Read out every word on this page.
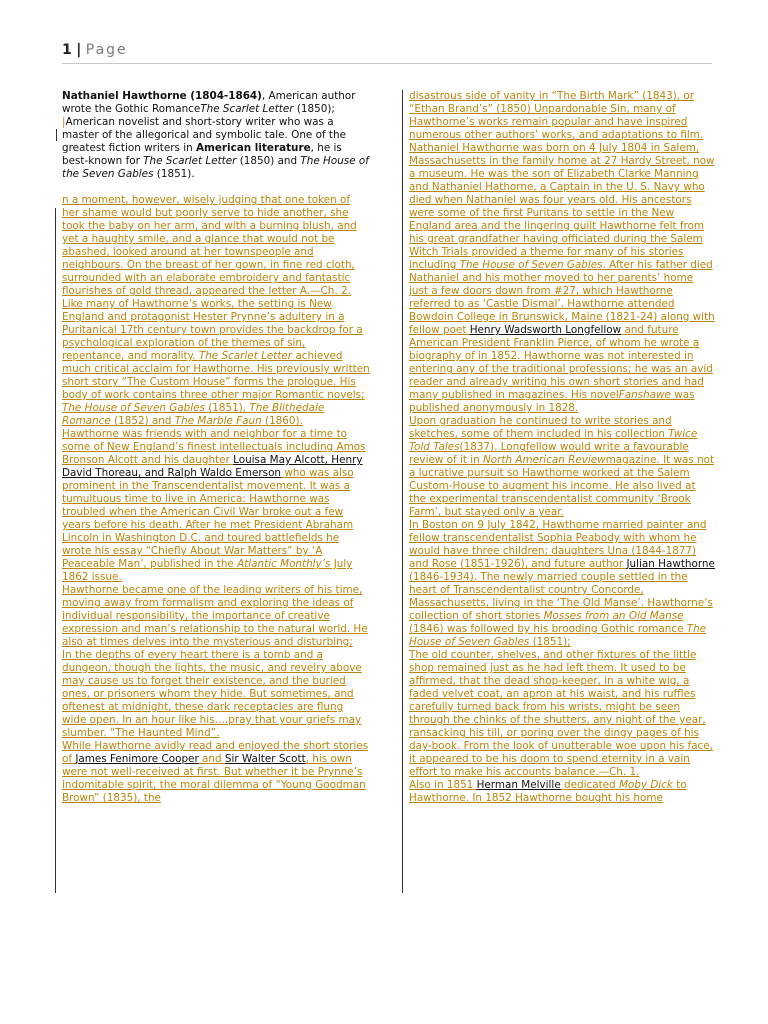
1 | Page

Nathaniel Hawthorne (1804-1864), American author wrote the Gothic RomanceThe Scarlet Letter (1850);

|American novelist and short-story writer who was a master of the allegorical and symbolic tale. One of the greatest fiction writers in American literature, he is best-known for The Scarlet Letter (1850) and The House of the Seven Gables (1851).

n a moment, however, wisely judging that one token of her shame would but poorly serve to hide another, she took the baby on her arm, and with a burning blush, and yet a haughty smile, and a glance that would not be abashed, looked around at her townspeople and neighbours. On the breast of her gown, in fine red cloth, surrounded with an elaborate embroidery and fantastic flourishes of gold thread, appeared the letter A.—Ch. 2.

Like many of Hawthorne’s works, the setting is New England and protagonist Hester Prynne’s adultery in a Puritanical 17th century town provides the backdrop for a psychological exploration of the themes of sin, repentance, and morality. The Scarlet Letter achieved much critical acclaim for Hawthorne. His previously written short story “The Custom House” forms the prologue. His body of work contains three other major Romantic novels; The House of Seven Gables (1851), The Blithedale Romance (1852) and The Marble Faun (1860).

Hawthorne was friends with and neighbor for a time to some of New England’s finest intellectuals including Amos Bronson Alcott and his daughter Louisa May Alcott, Henry David Thoreau, and Ralph Waldo Emerson who was also prominent in the Transcendentalist movement. It was a tumultuous time to live in America: Hawthorne was troubled when the American Civil War broke out a few years before his death. After he met President Abraham Lincoln in Washington D.C. and toured battlefields he wrote his essay “Chiefly About War Matters” by ‘A Peaceable Man’, published in the Atlantic Monthly’s July 1862 issue.

Hawthorne became one of the leading writers of his time, moving away from formalism and exploring the ideas of individual responsibility, the importance of creative expression and man’s relationship to the natural world. He also at times delves into the mysterious and disturbing;

In the depths of every heart there is a tomb and a dungeon, though the lights, the music, and revelry above may cause us to forget their existence, and the buried ones, or prisoners whom they hide. But sometimes, and oftenest at midnight, these dark receptacles are flung wide open. In an hour like his….pray that your griefs may slumber. “The Haunted Mind”.

While Hawthorne avidly read and enjoyed the short stories of James Fenimore Cooper and Sir Walter Scott, his own were not well-received at first. But whether it be Prynne’s indomitable spirit, the moral dilemma of “Young Goodman Brown” (1835), the

disastrous side of vanity in “The Birth Mark” (1843), or “Ethan Brand’s” (1850) Unpardonable Sin, many of Hawthorne’s works remain popular and have inspired numerous other authors’ works, and adaptations to film.

Nathaniel Hawthorne was born on 4 July 1804 in Salem, Massachusetts in the family home at 27 Hardy Street, now a museum. He was the son of Elizabeth Clarke Manning and Nathaniel Hathorne, a Captain in the U. S. Navy who died when Nathaniel was four years old. His ancestors were some of the first Puritans to settle in the New England area and the lingering guilt Hawthorne felt from his great grandfather having officiated during the Salem Witch Trials provided a theme for many of his stories including The House of Seven Gables. After his father died Nathaniel and his mother moved to her parents’ home just a few doors down from #27, which Hawthorne referred to as ‘Castle Dismal’. Hawthorne attended Bowdoin College in Brunswick, Maine (1821-24) along with fellow poet Henry Wadsworth Longfellow and future American President Franklin Pierce, of whom he wrote a biography of in 1852. Hawthorne was not interested in entering any of the traditional professions; he was an avid reader and already writing his own short stories and had many published in magazines. His novelFanshawe was published anonymously in 1828.

Upon graduation he continued to write stories and sketches, some of them included in his collection Twice Told Tales(1837). Longfellow would write a favourable review of it in North American Reviewmagazine. It was not a lucrative pursuit so Hawthorne worked at the Salem Custom-House to augment his income. He also lived at the experimental transcendentalist community ‘Brook Farm’, but stayed only a year.

In Boston on 9 July 1842, Hawthorne married painter and fellow transcendentalist Sophia Peabody with whom he would have three children; daughters Una (1844-1877) and Rose (1851-1926), and future author Julian Hawthorne (1846-1934). The newly married couple settled in the heart of Transcendentalist country Concorde, Massachusetts, living in the ‘The Old Manse’. Hawthorne’s collection of short stories Mosses from an Old Manse (1846) was followed by his brooding Gothic romance The House of Seven Gables (1851);

The old counter, shelves, and other fixtures of the little shop remained just as he had left them. It used to be affirmed, that the dead shop-keeper, in a white wig, a faded velvet coat, an apron at his waist, and his ruffles carefully turned back from his wrists, might be seen through the chinks of the shutters, any night of the year, ransacking his till, or poring over the dingy pages of his day-book. From the look of unutterable woe upon his face, it appeared to be his doom to spend eternity in a vain effort to make his accounts balance.—Ch. 1.

Also in 1851 Herman Melville dedicated Moby Dick to Hawthorne. In 1852 Hawthorne bought his home
